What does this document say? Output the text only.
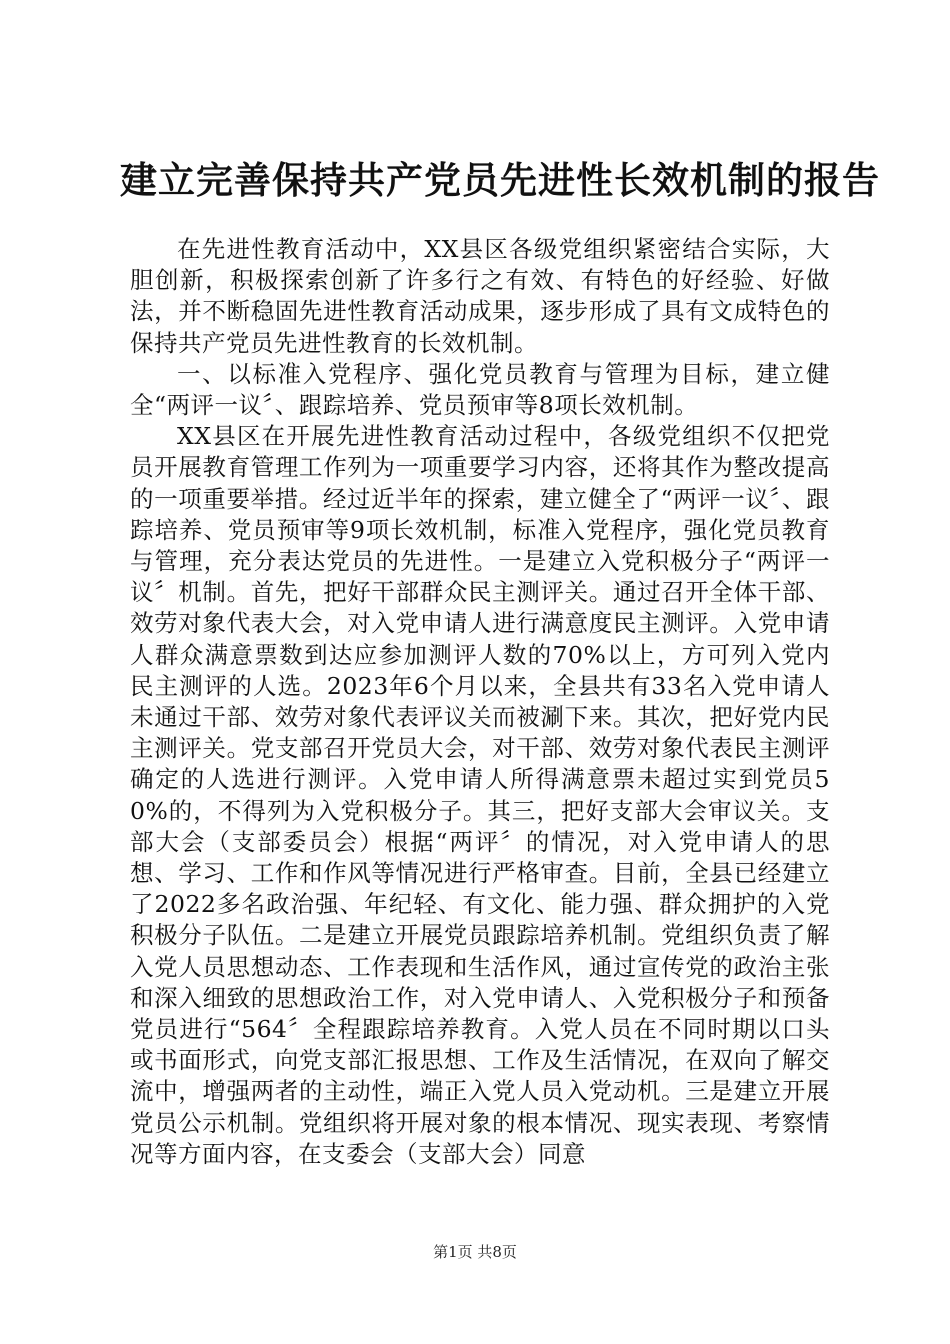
建立完善保持共产党员先进性长效机制的报告

在先进性教育活动中，XX县区各级党组织紧密结合实际，大胆创新，积极探索创新了许多行之有效、有特色的好经验、好做法，并不断稳固先进性教育活动成果，逐步形成了具有文成特色的保持共产党员先进性教育的长效机制。

一、以标准入党程序、强化党员教育与管理为目标，建立健全“两评一议〞、跟踪培养、党员预审等8项长效机制。

XX县区在开展先进性教育活动过程中，各级党组织不仅把党员开展教育管理工作列为一项重要学习内容，还将其作为整改提高的一项重要举措。经过近半年的探索，建立健全了“两评一议〞、跟踪培养、党员预审等9项长效机制，标准入党程序，强化党员教育与管理，充分表达党员的先进性。一是建立入党积极分子“两评一议〞机制。首先，把好干部群众民主测评关。通过召开全体干部、效劳对象代表大会，对入党申请人进行满意度民主测评。入党申请人群众满意票数到达应参加测评人数的70%以上，方可列入党内民主测评的人选。2023年6个月以来，全县共有33名入党申请人未通过干部、效劳对象代表评议关而被涮下来。其次，把好党内民主测评关。党支部召开党员大会，对干部、效劳对象代表民主测评确定的人选进行测评。入党申请人所得满意票未超过实到党员50%的，不得列为入党积极分子。其三，把好支部大会审议关。支部大会（支部委员会）根据“两评〞的情况，对入党申请人的思想、学习、工作和作风等情况进行严格审查。目前，全县已经建立了2022多名政治强、年纪轻、有文化、能力强、群众拥护的入党积极分子队伍。二是建立开展党员跟踪培养机制。党组织负责了解入党人员思想动态、工作表现和生活作风，通过宣传党的政治主张和深入细致的思想政治工作，对入党申请人、入党积极分子和预备党员进行“564〞全程跟踪培养教育。入党人员在不同时期以口头或书面形式，向党支部汇报思想、工作及生活情况，在双向了解交流中，增强两者的主动性，端正入党人员入党动机。三是建立开展党员公示机制。党组织将开展对象的根本情况、现实表现、考察情况等方面内容，在支委会（支部大会）同意

第1页 共8页
